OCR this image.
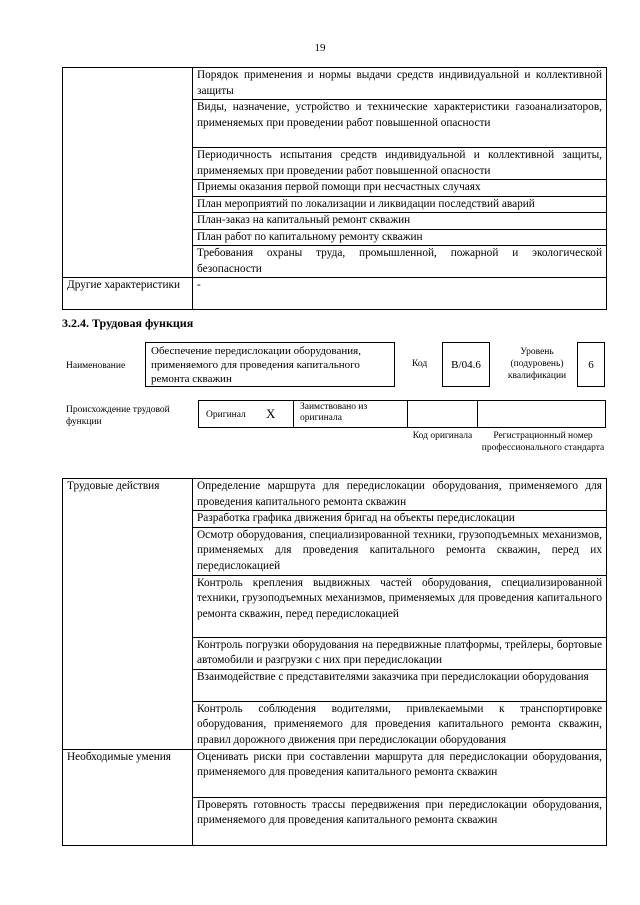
19
	Порядок применения и нормы выдачи средств индивидуальной и коллективной защиты
	Виды, назначение, устройство и технические характеристики газоанализаторов, применяемых при проведении работ повышенной опасности
	Периодичность испытания средств индивидуальной и коллективной защиты, применяемых при проведении работ повышенной опасности
	Приемы оказания первой помощи при несчастных случаях
	План мероприятий по локализации и ликвидации последствий аварий
	План-заказ на капитальный ремонт скважин
	План работ по капитальному ремонту скважин
	Требования охраны труда, промышленной, пожарной и экологической безопасности
Другие характеристики	-
3.2.4. Трудовая функция
Наименование
Обеспечение передислокации оборудования, применяемого для проведения капитального ремонта скважин
Код	B/04.6
Уровень (подуровень) квалификации
6
Происхождение трудовой функции
Оригинал X	Заимствовано из оригинала
Код оригинала	Регистрационный номер профессионального стандарта
Трудовые действия	Определение маршрута для передислокации оборудования, применяемого для проведения капитального ремонта скважин
	Разработка графика движения бригад на объекты передислокации
	Осмотр оборудования, специализированной техники, грузоподъемных механизмов, применяемых для проведения капитального ремонта скважин, перед их передислокацией
	Контроль крепления выдвижных частей оборудования, специализированной техники, грузоподъемных механизмов, применяемых для проведения капитального ремонта скважин, перед передислокацией
	Контроль погрузки оборудования на передвижные платформы, трейлеры, бортовые автомобили и разгрузки с них при передислокации
	Взаимодействие с представителями заказчика при передислокации оборудования
	Контроль соблюдения водителями, привлекаемыми к транспортировке оборудования, применяемого для проведения капитального ремонта скважин, правил дорожного движения при передислокации оборудования
Необходимые умения	Оценивать риски при составлении маршрута для передислокации оборудования, применяемого для проведения капитального ремонта скважин
	Проверять готовность трассы передвижения при передислокации оборудования, применяемого для проведения капитального ремонта скважин
